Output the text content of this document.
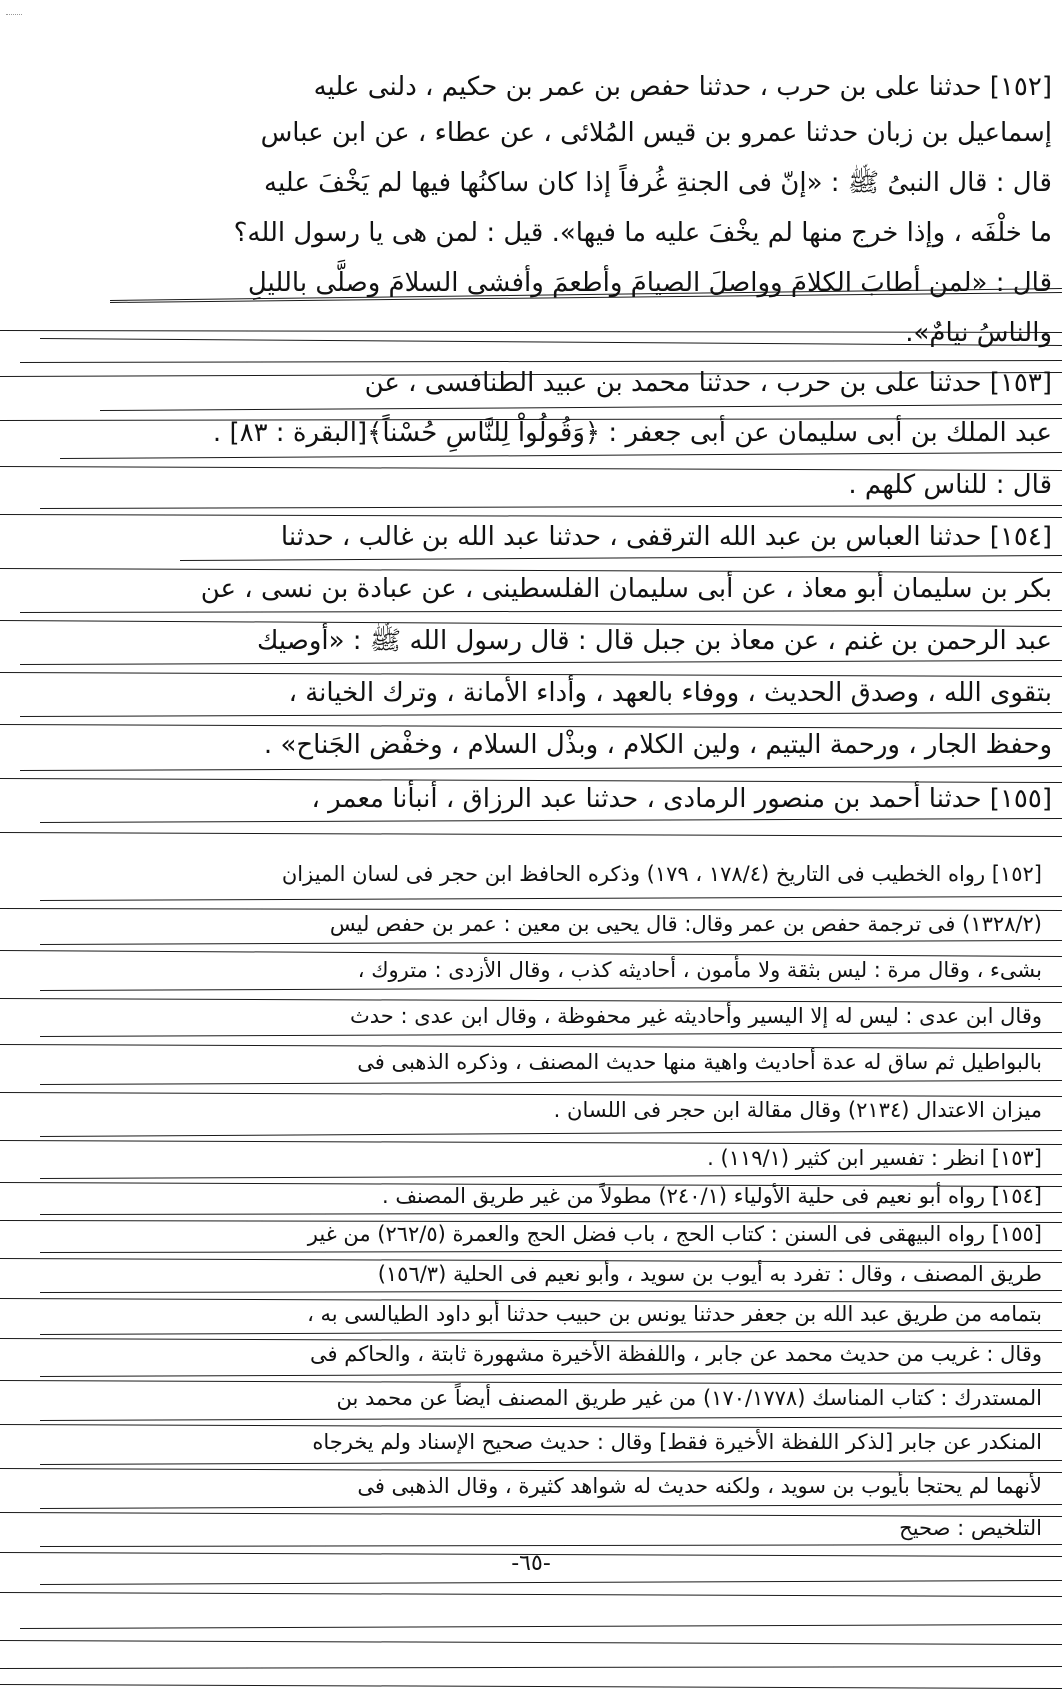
[١٥٢] حدثنا على بن حرب ، حدثنا حفص بن عمر بن حكيم ، دلنى عليه
إسماعيل بن زبان حدثنا عمرو بن قيس المُلائى ، عن عطاء ، عن ابن عباس
قال : قال النبىُ ﷺ : «إنّ فى الجنةِ غُرفاً إذا كان ساكنُها فيها لم يَخْفَ عليه
ما خلْفَه ، وإذا خرج منها لم يخْفَ عليه ما فيها». قيل : لمن هى يا رسول الله؟
قال : «لمن أطابَ الكلامَ وواصلَ الصيامَ وأطعمَ وأفشى السلامَ وصلَّى بالليلِ
والناسُ نيامٌ».
[١٥٣] حدثنا على بن حرب ، حدثنا محمد بن عبيد الطنافسى ، عن
عبد الملك بن أبى سليمان عن أبى جعفر : ﴿وَقُولُواْ لِلنَّاسِ حُسْناً﴾[البقرة : ٨٣] .
قال : للناس كلهم .
[١٥٤] حدثنا العباس بن عبد الله الترقفى ، حدثنا عبد الله بن غالب ، حدثنا
بكر بن سليمان أبو معاذ ، عن أبى سليمان الفلسطينى ، عن عبادة بن نسى ، عن
عبد الرحمن بن غنم ، عن معاذ بن جبل قال : قال رسول الله ﷺ : «أوصيك
بتقوى الله ، وصدق الحديث ، ووفاء بالعهد ، وأداء الأمانة ، وترك الخيانة ،
وحفظ الجار ، ورحمة اليتيم ، ولين الكلام ، وبذْل السلام ، وخفْض الجَناح» .
[١٥٥] حدثنا أحمد بن منصور الرمادى ، حدثنا عبد الرزاق ، أنبأنا معمر ،
[١٥٢] رواه الخطيب فى التاريخ (١٧٨/٤ ، ١٧٩) وذكره الحافظ ابن حجر فى لسان الميزان
(١٣٢٨/٢) فى ترجمة حفص بن عمر وقال: قال يحيى بن معين : عمر بن حفص ليس
بشىء ، وقال مرة : ليس بثقة ولا مأمون ، أحاديثه كذب ، وقال الأزدى : متروك ،
وقال ابن عدى : ليس له إلا اليسير وأحاديثه غير محفوظة ، وقال ابن عدى : حدث
بالبواطيل ثم ساق له عدة أحاديث واهية منها حديث المصنف ، وذكره الذهبى فى
ميزان الاعتدال (٢١٣٤) وقال مقالة ابن حجر فى اللسان .
[١٥٣] انظر : تفسير ابن كثير (١١٩/١) .
[١٥٤] رواه أبو نعيم فى حلية الأولياء (٢٤٠/١) مطولاً من غير طريق المصنف .
[١٥٥] رواه البيهقى فى السنن : كتاب الحج ، باب فضل الحج والعمرة (٢٦٢/٥) من غير
طريق المصنف ، وقال : تفرد به أيوب بن سويد ، وأبو نعيم فى الحلية (١٥٦/٣)
بتمامه من طريق عبد الله بن جعفر حدثنا يونس بن حبيب حدثنا أبو داود الطيالسى به ،
وقال : غريب من حديث محمد عن جابر ، واللفظة الأخيرة مشهورة ثابتة ، والحاكم فى
المستدرك : كتاب المناسك (١٧٠/١٧٧٨) من غير طريق المصنف أيضاً عن محمد بن
المنكدر عن جابر [لذكر اللفظة الأخيرة فقط] وقال : حديث صحيح الإسناد ولم يخرجاه
لأنهما لم يحتجا بأيوب بن سويد ، ولكنه حديث له شواهد كثيرة ، وقال الذهبى فى
التلخيص : صحيح
-٦٥-
